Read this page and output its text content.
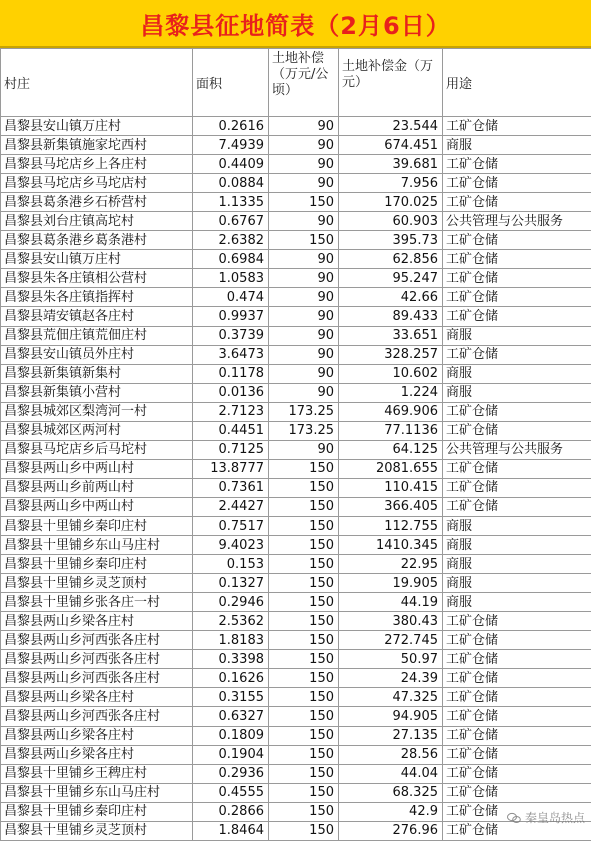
昌黎县征地简表（2月6日）
村庄	面积	土地补偿（万元/公顷）	土地补偿金（万元）	用途
昌黎县安山镇万庄村	0.2616	90	23.544	工矿仓储
昌黎县新集镇施家坨西村	7.4939	90	674.451	商服
昌黎县马坨店乡上各庄村	0.4409	90	39.681	工矿仓储
昌黎县马坨店乡马坨店村	0.0884	90	7.956	工矿仓储
昌黎县葛条港乡石桥营村	1.1335	150	170.025	工矿仓储
昌黎县刘台庄镇高坨村	0.6767	90	60.903	公共管理与公共服务
昌黎县葛条港乡葛条港村	2.6382	150	395.73	工矿仓储
昌黎县安山镇万庄村	0.6984	90	62.856	工矿仓储
昌黎县朱各庄镇相公营村	1.0583	90	95.247	工矿仓储
昌黎县朱各庄镇指挥村	0.474	90	42.66	工矿仓储
昌黎县靖安镇赵各庄村	0.9937	90	89.433	工矿仓储
昌黎县荒佃庄镇荒佃庄村	0.3739	90	33.651	商服
昌黎县安山镇员外庄村	3.6473	90	328.257	工矿仓储
昌黎县新集镇新集村	0.1178	90	10.602	商服
昌黎县新集镇小营村	0.0136	90	1.224	商服
昌黎县城郊区梨湾河一村	2.7123	173.25	469.906	工矿仓储
昌黎县城郊区两河村	0.4451	173.25	77.1136	工矿仓储
昌黎县马坨店乡后马坨村	0.7125	90	64.125	公共管理与公共服务
昌黎县两山乡中两山村	13.8777	150	2081.655	工矿仓储
昌黎县两山乡前两山村	0.7361	150	110.415	工矿仓储
昌黎县两山乡中两山村	2.4427	150	366.405	工矿仓储
昌黎县十里铺乡秦印庄村	0.7517	150	112.755	商服
昌黎县十里铺乡东山马庄村	9.4023	150	1410.345	商服
昌黎县十里铺乡秦印庄村	0.153	150	22.95	商服
昌黎县十里铺乡灵芝顶村	0.1327	150	19.905	商服
昌黎县十里铺乡张各庄一村	0.2946	150	44.19	商服
昌黎县两山乡梁各庄村	2.5362	150	380.43	工矿仓储
昌黎县两山乡河西张各庄村	1.8183	150	272.745	工矿仓储
昌黎县两山乡河西张各庄村	0.3398	150	50.97	工矿仓储
昌黎县两山乡河西张各庄村	0.1626	150	24.39	工矿仓储
昌黎县两山乡梁各庄村	0.3155	150	47.325	工矿仓储
昌黎县两山乡河西张各庄村	0.6327	150	94.905	工矿仓储
昌黎县两山乡梁各庄村	0.1809	150	27.135	工矿仓储
昌黎县两山乡梁各庄村	0.1904	150	28.56	工矿仓储
昌黎县十里铺乡王稗庄村	0.2936	150	44.04	工矿仓储
昌黎县十里铺乡东山马庄村	0.4555	150	68.325	工矿仓储
昌黎县十里铺乡秦印庄村	0.2866	150	42.9	工矿仓储
昌黎县十里铺乡灵芝顶村	1.8464	150	276.96	工矿仓储
秦皇岛热点
